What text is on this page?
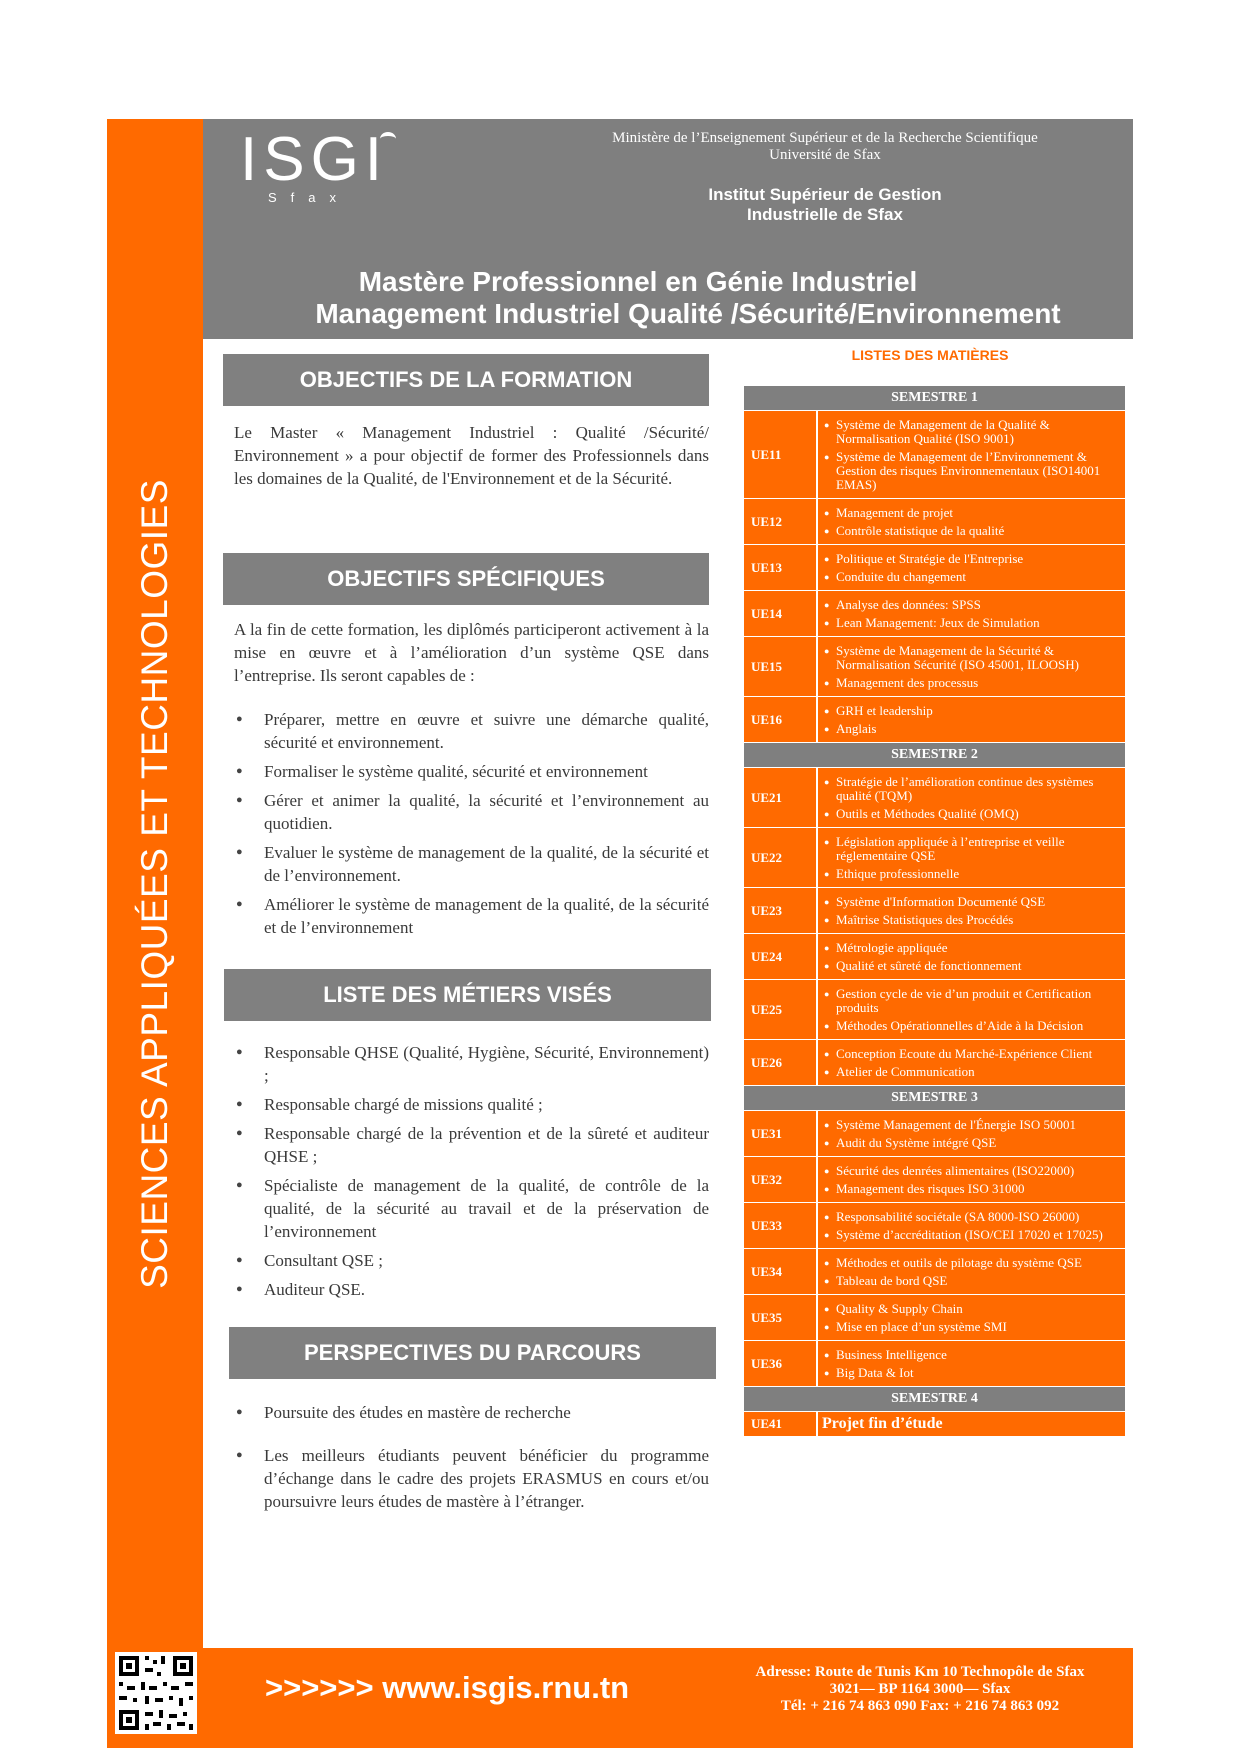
SCIENCES APPLIQUÉES ET TECHNOLOGIES
ISGI
Sfax
Ministère de l’Enseignement Supérieur et de la Recherche Scientifique
Université de Sfax
Institut Supérieur de Gestion
Industrielle de Sfax
Mastère Professionnel en Génie Industriel
Management Industriel Qualité /Sécurité/Environnement
OBJECTIFS DE LA FORMATION
Le Master « Management Industriel : Qualité /Sécurité/ Environnement » a pour objectif de former des Professionnels dans les domaines de la Qualité, de l'Environnement et de la Sécurité.
OBJECTIFS SPÉCIFIQUES
A la fin de cette formation, les diplômés participeront activement à la mise en œuvre et à l’amélioration d’un système QSE dans l’entreprise. Ils seront capables de :
● Préparer, mettre en œuvre et suivre une démarche qualité, sécurité et environnement.
● Formaliser le système qualité, sécurité et environnement
● Gérer et animer la qualité, la sécurité et l’environnement au quotidien.
● Evaluer le système de management de la qualité, de la sécurité et de l’environnement.
● Améliorer le système de management de la qualité, de la sécurité et de l’environnement
LISTE DES MÉTIERS VISÉS
● Responsable QHSE (Qualité, Hygiène, Sécurité, Environnement) ;
● Responsable chargé de missions qualité ;
● Responsable chargé de la prévention et de la sûreté et auditeur QHSE ;
● Spécialiste de management de la qualité, de contrôle de la qualité, de la sécurité au travail et de la préservation de l’environnement
● Consultant QSE ;
● Auditeur QSE.
PERSPECTIVES DU PARCOURS
● Poursuite des études en mastère de recherche
● Les meilleurs étudiants peuvent bénéficier du programme d’échange dans le cadre des projets ERASMUS en cours et/ou poursuivre leurs études de mastère à l’étranger.
LISTES DES MATIÈRES
SEMESTRE 1
UE11
● Système de Management de la Qualité & Normalisation Qualité (ISO 9001)
● Système de Management de l’Environnement & Gestion des risques Environnementaux (ISO14001 EMAS)
UE12
● Management de projet
● Contrôle statistique de la qualité
UE13
● Politique et Stratégie de l'Entreprise
● Conduite du changement
UE14
● Analyse des données: SPSS
● Lean Management: Jeux de Simulation
UE15
● Système de Management de la Sécurité & Normalisation Sécurité (ISO 45001, ILOOSH)
● Management des processus
UE16
● GRH et leadership
● Anglais
SEMESTRE 2
UE21
● Stratégie de l’amélioration continue des systèmes qualité (TQM)
● Outils et Méthodes Qualité (OMQ)
UE22
● Législation appliquée à l’entreprise et veille réglementaire QSE
● Ethique professionnelle
UE23
● Système d'Information Documenté QSE
● Maîtrise Statistiques des Procédés
UE24
● Métrologie appliquée
● Qualité et sûreté de fonctionnement
UE25
● Gestion cycle de vie d’un produit et Certification produits
● Méthodes Opérationnelles d’Aide à la Décision
UE26
● Conception Ecoute du Marché-Expérience Client
● Atelier de Communication
SEMESTRE 3
UE31
● Système Management de l'Énergie ISO 50001
● Audit du Système intégré QSE
UE32
● Sécurité des denrées alimentaires (ISO22000)
● Management des risques ISO 31000
UE33
● Responsabilité sociétale (SA 8000-ISO 26000)
● Système d’accréditation (ISO/CEI 17020 et 17025)
UE34
● Méthodes et outils de pilotage du système QSE
● Tableau de bord QSE
UE35
● Quality & Supply Chain
● Mise en place d’un système SMI
UE36
● Business Intelligence
● Big Data & Iot
SEMESTRE 4
UE41	Projet fin d’étude
>>>>>> www.isgis.rnu.tn	Adresse: Route de Tunis Km 10 Technopôle de Sfax
3021— BP 1164 3000— Sfax
Tél: + 216 74 863 090 Fax: + 216 74 863 092
